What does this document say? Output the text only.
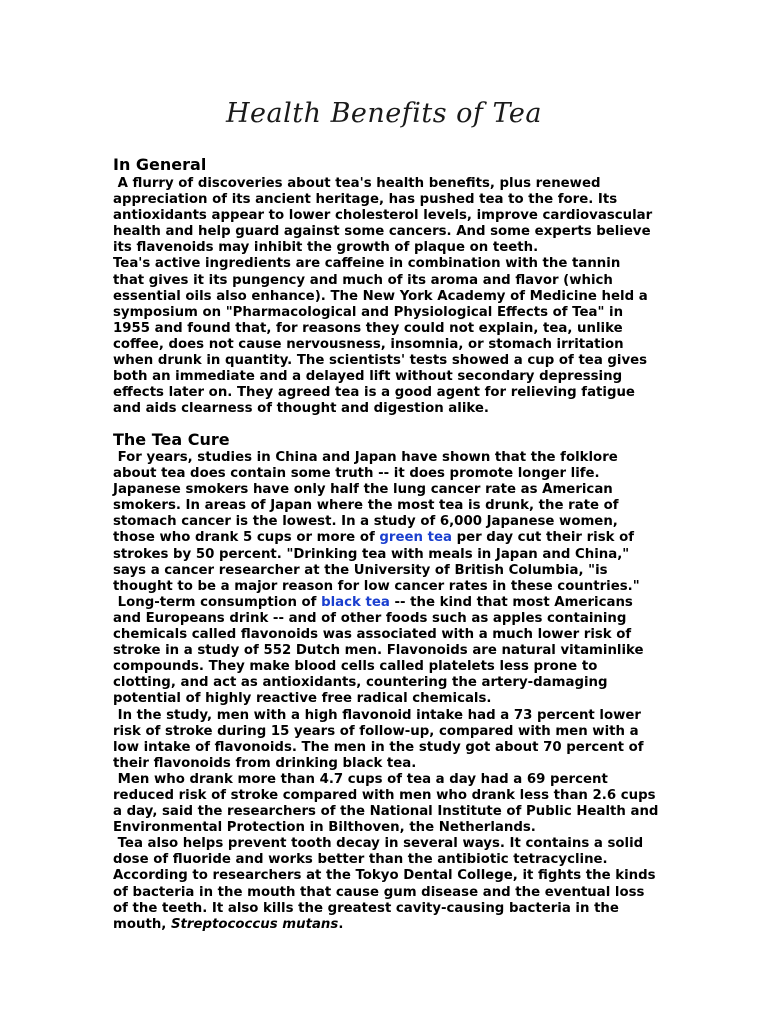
Health Benefits of Tea
In General

A flurry of discoveries about tea's health benefits, plus renewed

appreciation of its ancient heritage, has pushed tea to the fore. Its

antioxidants appear to lower cholesterol levels, improve cardiovascular

health and help guard against some cancers. And some experts believe

its flavenoids may inhibit the growth of plaque on teeth.

Tea's active ingredients are caffeine in combination with the tannin

that gives it its pungency and much of its aroma and flavor (which

essential oils also enhance). The New York Academy of Medicine held a

symposium on "Pharmacological and Physiological Effects of Tea" in

1955 and found that, for reasons they could not explain, tea, unlike

coffee, does not cause nervousness, insomnia, or stomach irritation

when drunk in quantity. The scientists' tests showed a cup of tea gives

both an immediate and a delayed lift without secondary depressing

effects later on. They agreed tea is a good agent for relieving fatigue

and aids clearness of thought and digestion alike.

The Tea Cure

For years, studies in China and Japan have shown that the folklore

about tea does contain some truth -- it does promote longer life.

Japanese smokers have only half the lung cancer rate as American

smokers. In areas of Japan where the most tea is drunk, the rate of

stomach cancer is the lowest. In a study of 6,000 Japanese women,

those who drank 5 cups or more of green tea per day cut their risk of

strokes by 50 percent. "Drinking tea with meals in Japan and China,"

says a cancer researcher at the University of British Columbia, "is

thought to be a major reason for low cancer rates in these countries."

Long-term consumption of black tea -- the kind that most Americans

and Europeans drink -- and of other foods such as apples containing

chemicals called flavonoids was associated with a much lower risk of

stroke in a study of 552 Dutch men. Flavonoids are natural vitaminlike

compounds. They make blood cells called platelets less prone to

clotting, and act as antioxidants, countering the artery-damaging

potential of highly reactive free radical chemicals.

In the study, men with a high flavonoid intake had a 73 percent lower

risk of stroke during 15 years of follow-up, compared with men with a

low intake of flavonoids. The men in the study got about 70 percent of

their flavonoids from drinking black tea.

Men who drank more than 4.7 cups of tea a day had a 69 percent

reduced risk of stroke compared with men who drank less than 2.6 cups

a day, said the researchers of the National Institute of Public Health and

Environmental Protection in Bilthoven, the Netherlands.

Tea also helps prevent tooth decay in several ways. It contains a solid

dose of fluoride and works better than the antibiotic tetracycline.

According to researchers at the Tokyo Dental College, it fights the kinds

of bacteria in the mouth that cause gum disease and the eventual loss

of the teeth. It also kills the greatest cavity-causing bacteria in the

mouth, Streptococcus mutans.
